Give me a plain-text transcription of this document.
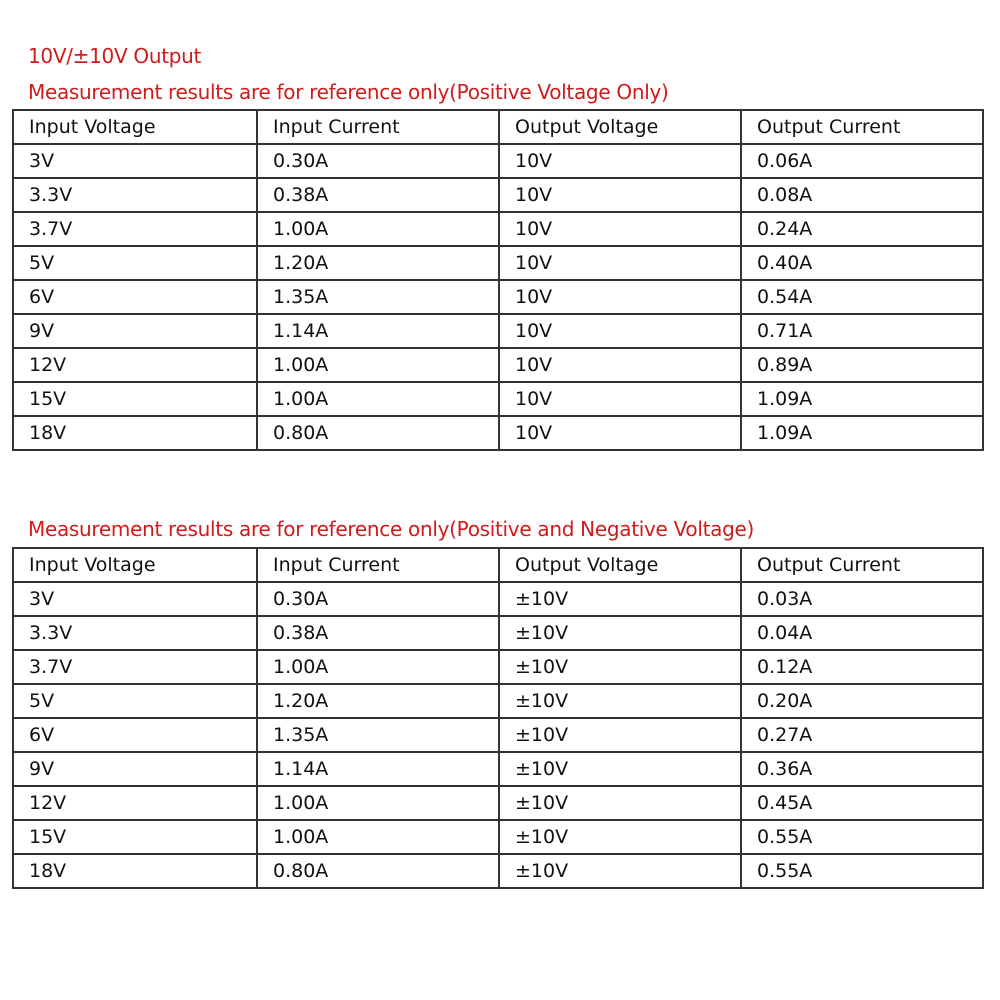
10V/±10V Output
Measurement results are for reference only(Positive Voltage Only)
Input Voltage	Input Current	Output Voltage	Output Current
3V	0.30A	10V	0.06A
3.3V	0.38A	10V	0.08A
3.7V	1.00A	10V	0.24A
5V	1.20A	10V	0.40A
6V	1.35A	10V	0.54A
9V	1.14A	10V	0.71A
12V	1.00A	10V	0.89A
15V	1.00A	10V	1.09A
18V	0.80A	10V	1.09A
Measurement results are for reference only(Positive and Negative Voltage)
Input Voltage	Input Current	Output Voltage	Output Current
3V	0.30A	±10V	0.03A
3.3V	0.38A	±10V	0.04A
3.7V	1.00A	±10V	0.12A
5V	1.20A	±10V	0.20A
6V	1.35A	±10V	0.27A
9V	1.14A	±10V	0.36A
12V	1.00A	±10V	0.45A
15V	1.00A	±10V	0.55A
18V	0.80A	±10V	0.55A
